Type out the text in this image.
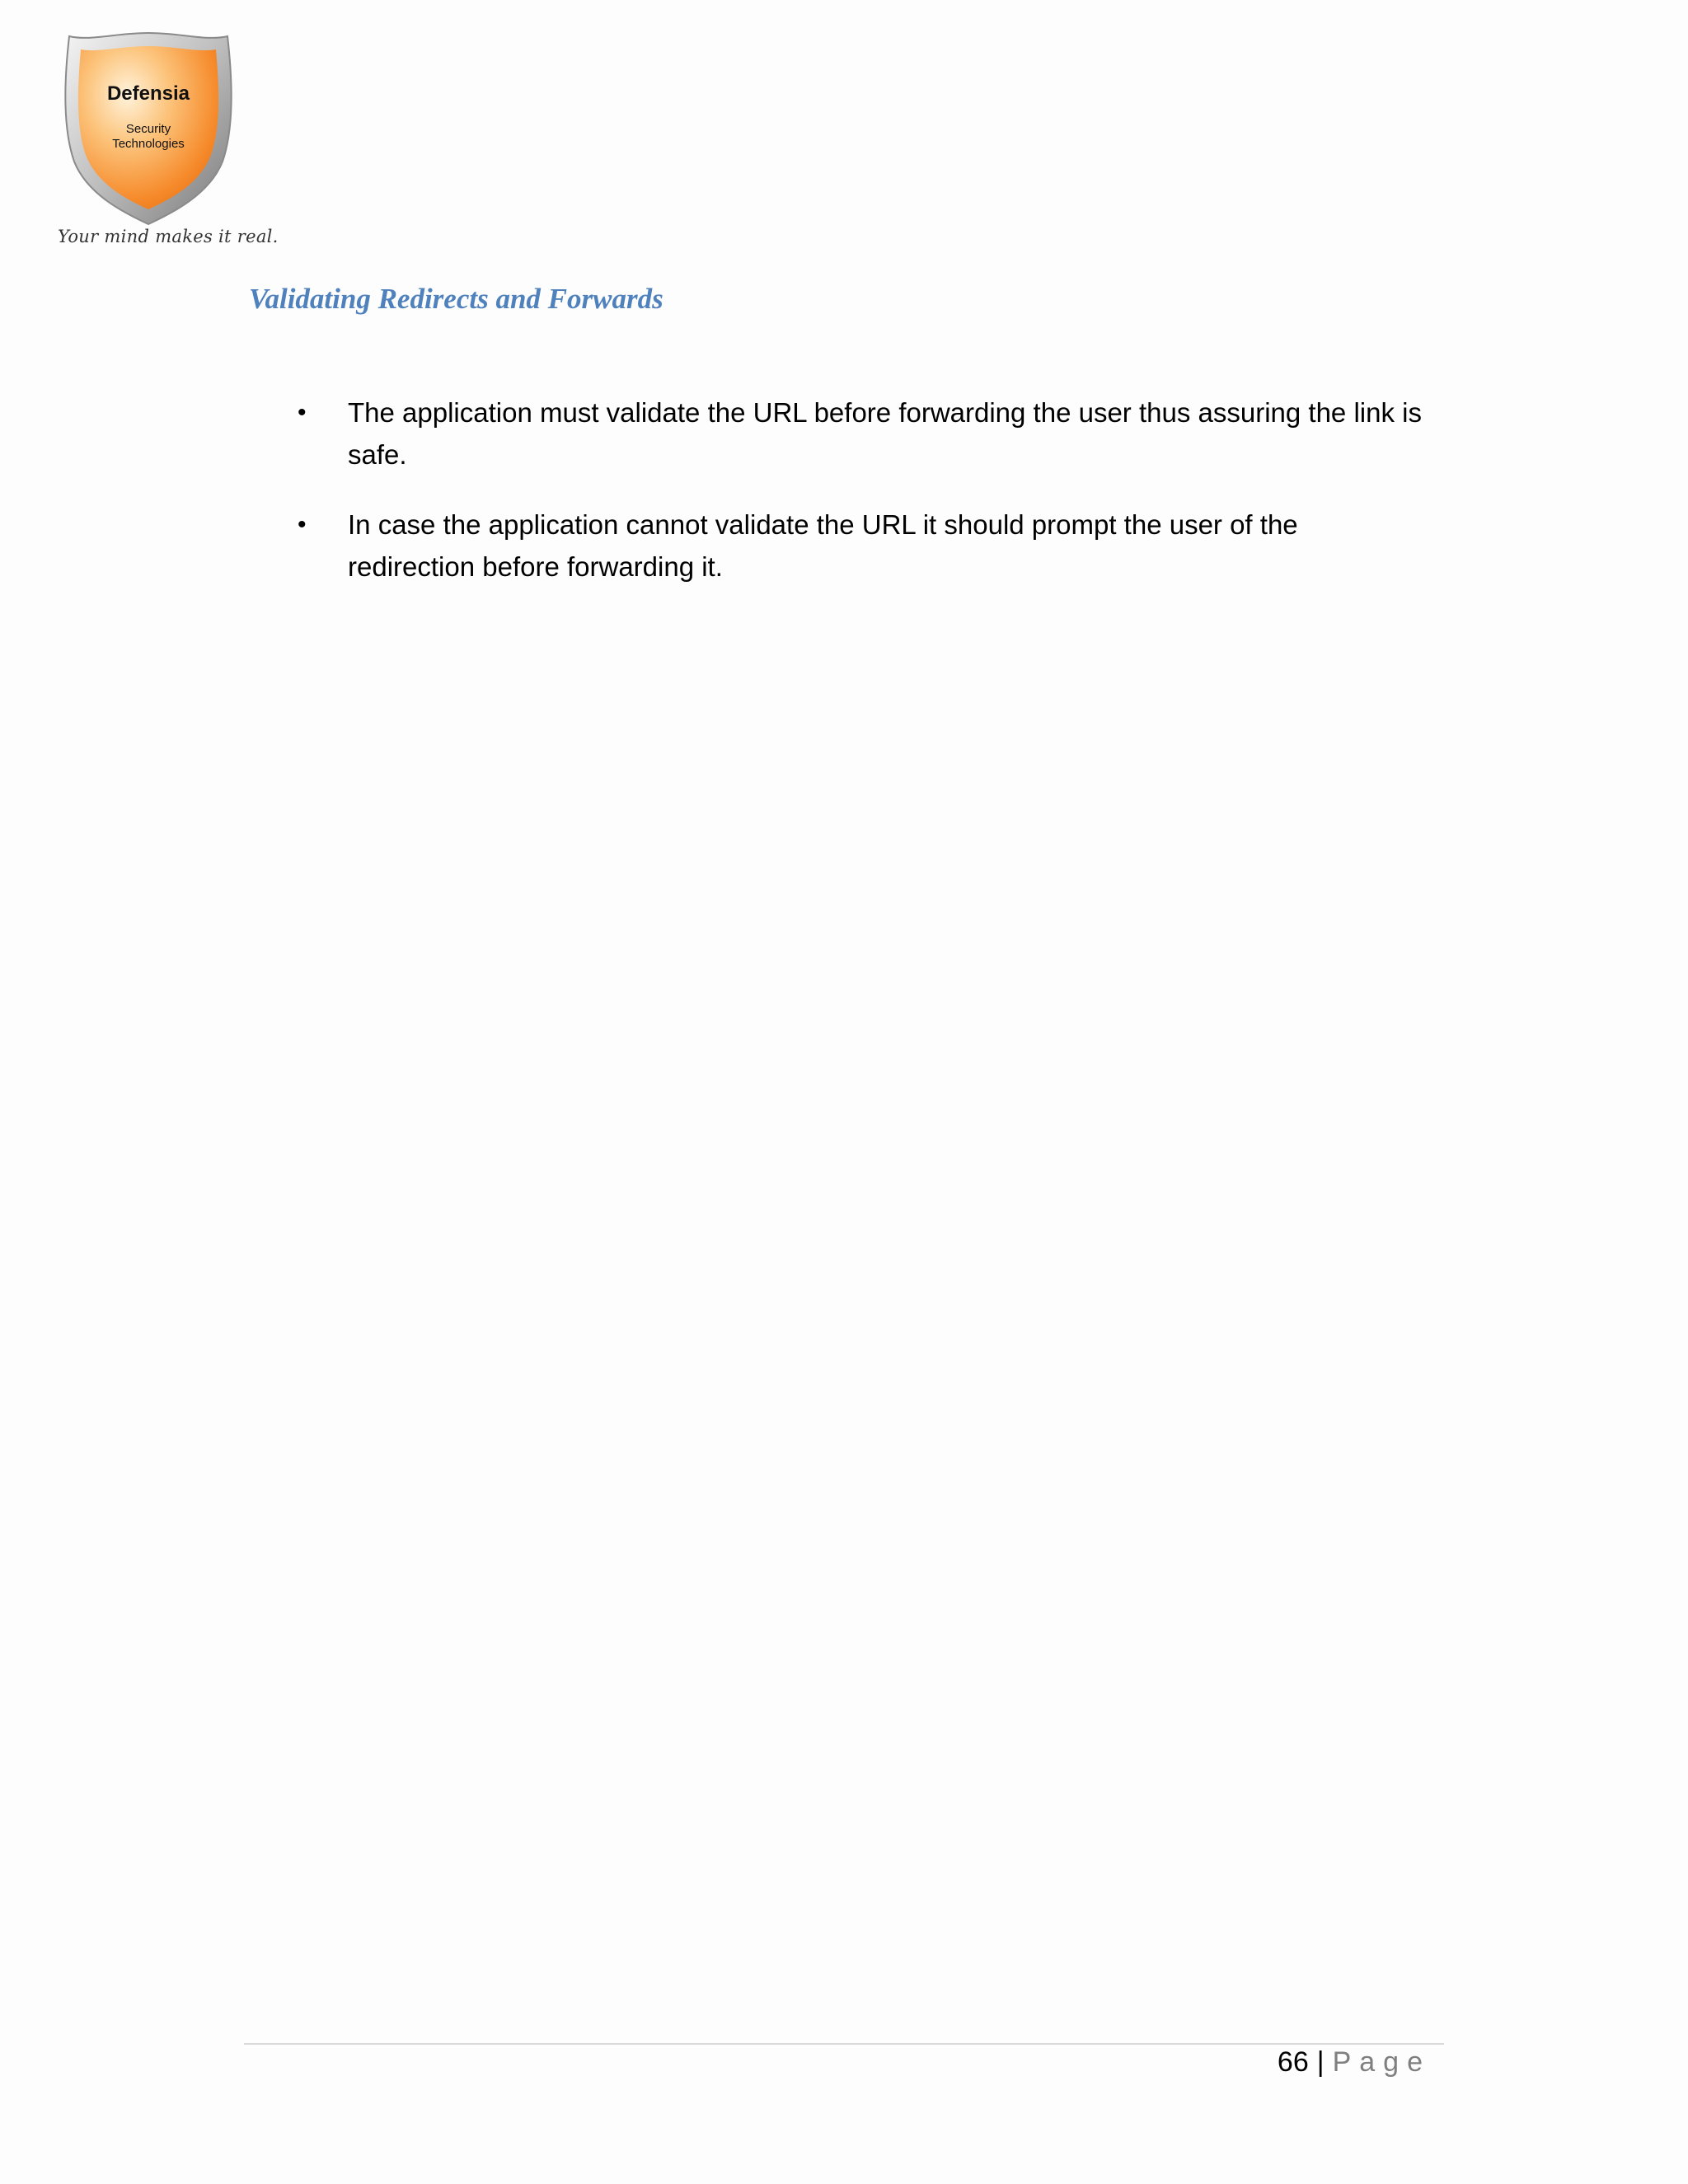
Defensia
Security
Technologies
Your mind makes it real.
Validating Redirects and Forwards
• The application must validate the URL before forwarding the user thus assuring the link is safe.
• In case the application cannot validate the URL it should prompt the user of the redirection before forwarding it.
66 | Page
